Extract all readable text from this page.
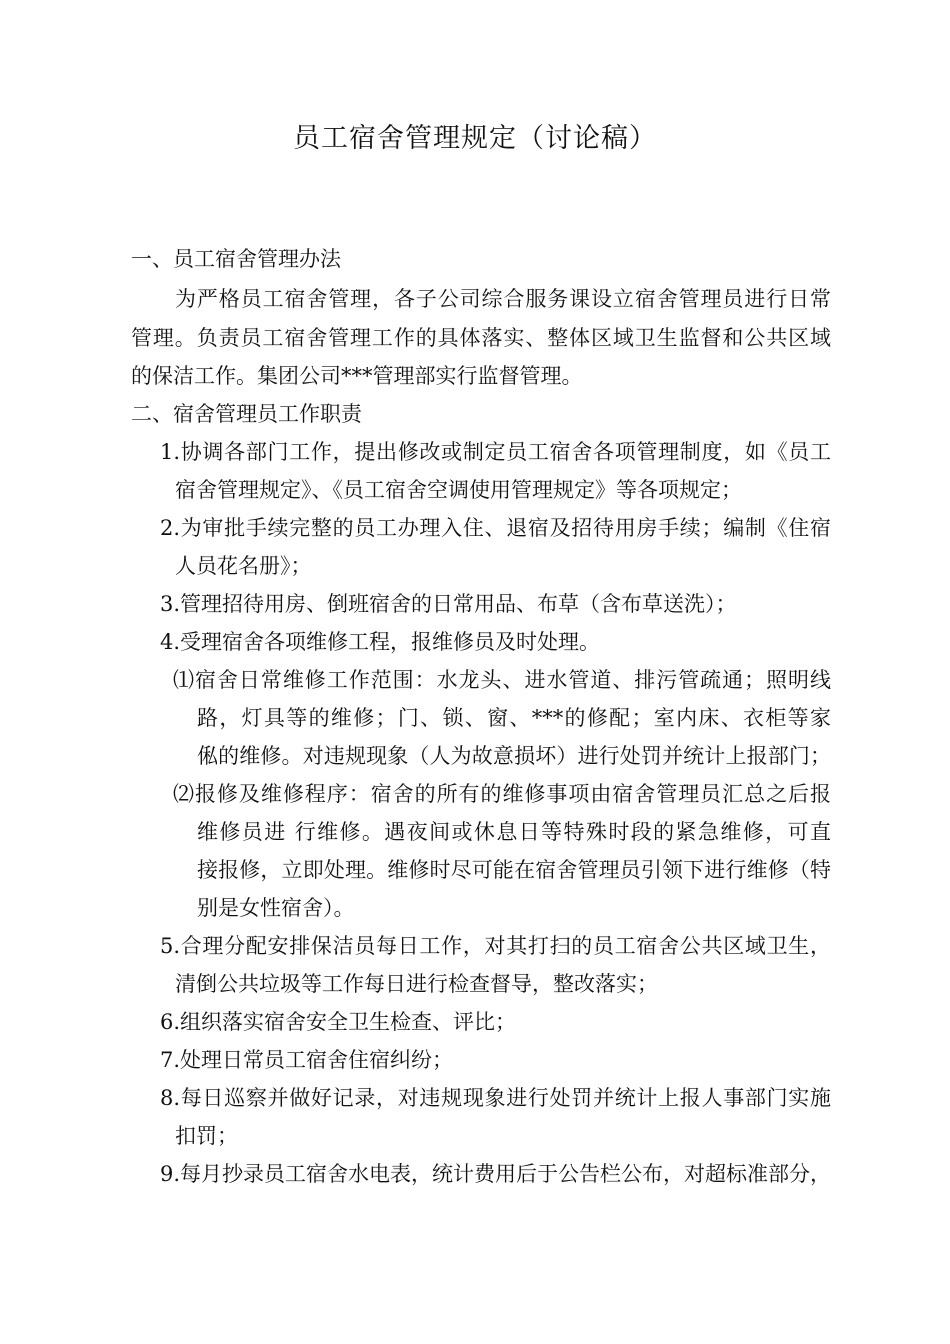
员工宿舍管理规定（讨论稿）
一、员工宿舍管理办法
为严格员工宿舍管理，各子公司综合服务课设立宿舍管理员进行日常
管理。负责员工宿舍管理工作的具体落实、整体区域卫生监督和公共区域
的保洁工作。集团公司***管理部实行监督管理。
二、宿舍管理员工作职责
1.协调各部门工作，提出修改或制定员工宿舍各项管理制度，如《员工
宿舍管理规定》、《员工宿舍空调使用管理规定》等各项规定；
2.为审批手续完整的员工办理入住、退宿及招待用房手续；编制《住宿
人员花名册》；
3.管理招待用房、倒班宿舍的日常用品、布草（含布草送洗）；
4.受理宿舍各项维修工程，报维修员及时处理。
⑴宿舍日常维修工作范围：水龙头、进水管道、排污管疏通；照明线
路，灯具等的维修；门、锁、窗、***的修配；室内床、衣柜等家
俬的维修。对违规现象（人为故意损坏）进行处罚并统计上报部门；
⑵报修及维修程序：宿舍的所有的维修事项由宿舍管理员汇总之后报
维修员进 行维修。遇夜间或休息日等特殊时段的紧急维修，可直
接报修，立即处理。维修时尽可能在宿舍管理员引领下进行维修（特
别是女性宿舍）。
5.合理分配安排保洁员每日工作，对其打扫的员工宿舍公共区域卫生，
清倒公共垃圾等工作每日进行检查督导，整改落实；
6.组织落实宿舍安全卫生检查、评比；
7.处理日常员工宿舍住宿纠纷；
8.每日巡察并做好记录，对违规现象进行处罚并统计上报人事部门实施
扣罚；
9.每月抄录员工宿舍水电表，统计费用后于公告栏公布，对超标准部分，
